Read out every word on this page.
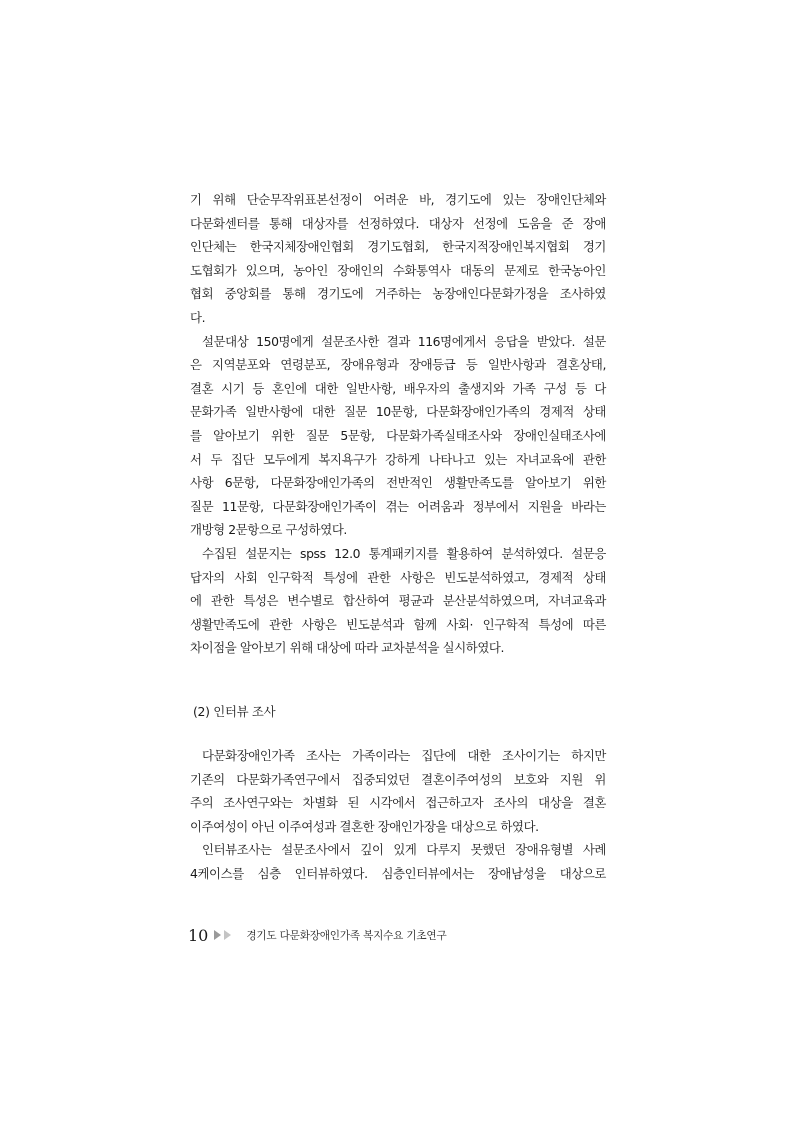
기 위해 단순무작위표본선정이 어려운 바, 경기도에 있는 장애인단체와
다문화센터를 통해 대상자를 선정하였다. 대상자 선정에 도움을 준 장애
인단체는 한국지체장애인협회 경기도협회, 한국지적장애인복지협회 경기
도협회가 있으며, 농아인 장애인의 수화통역사 대동의 문제로 한국농아인
협회 중앙회를 통해 경기도에 거주하는 농장애인다문화가정을 조사하였
다.
설문대상 150명에게 설문조사한 결과 116명에게서 응답을 받았다. 설문
은 지역분포와 연령분포, 장애유형과 장애등급 등 일반사항과 결혼상태,
결혼 시기 등 혼인에 대한 일반사항, 배우자의 출생지와 가족 구성 등 다
문화가족 일반사항에 대한 질문 10문항, 다문화장애인가족의 경제적 상태
를 알아보기 위한 질문 5문항, 다문화가족실태조사와 장애인실태조사에
서 두 집단 모두에게 복지욕구가 강하게 나타나고 있는 자녀교육에 관한
사항 6문항, 다문화장애인가족의 전반적인 생활만족도를 알아보기 위한
질문 11문항, 다문화장애인가족이 겪는 어려움과 정부에서 지원을 바라는
개방형 2문항으로 구성하였다.
수집된 설문지는 spss 12.0 통계패키지를 활용하여 분석하였다. 설문응
답자의 사회 인구학적 특성에 관한 사항은 빈도분석하였고, 경제적 상태
에 관한 특성은 변수별로 합산하여 평균과 분산분석하였으며, 자녀교육과
생활만족도에 관한 사항은 빈도분석과 함께 사회· 인구학적 특성에 따른
차이점을 알아보기 위해 대상에 따라 교차분석을 실시하였다.
(2) 인터뷰 조사
다문화장애인가족 조사는 가족이라는 집단에 대한 조사이기는 하지만
기존의 다문화가족연구에서 집중되었던 결혼이주여성의 보호와 지원 위
주의 조사연구와는 차별화 된 시각에서 접근하고자 조사의 대상을 결혼
이주여성이 아닌 이주여성과 결혼한 장애인가장을 대상으로 하였다.
인터뷰조사는 설문조사에서 깊이 있게 다루지 못했던 장애유형별 사례
4케이스를 심층 인터뷰하였다. 심층인터뷰에서는 장애남성을 대상으로
10	경기도 다문화장애인가족 복지수요 기초연구
